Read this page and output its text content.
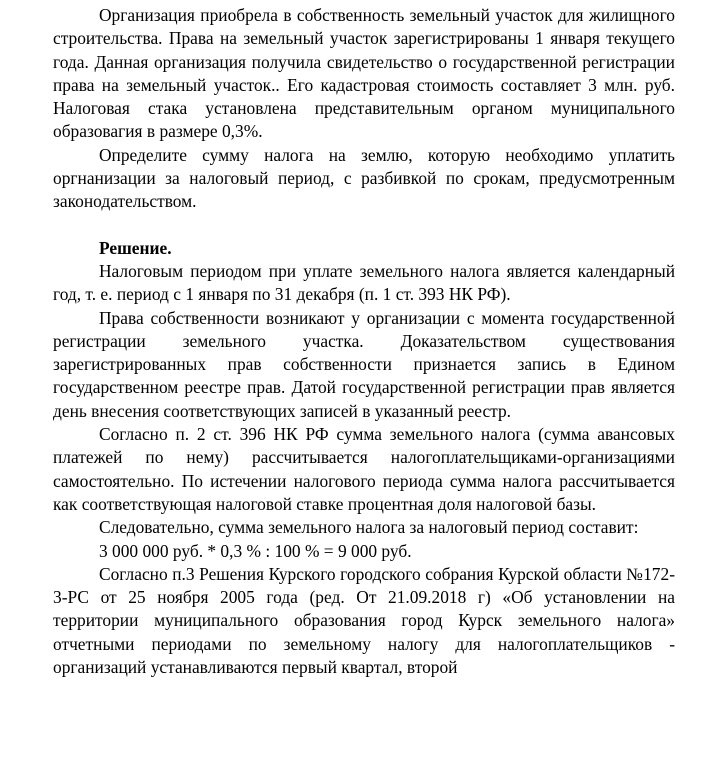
Организация приобрела в собственность земельный участок для жилищного строительства. Права на земельный участок зарегистрированы 1 января текущего года. Данная организация получила свидетельство о государственной регистрации права на земельный участок.. Его кадастровая стоимость составляет 3 млн. руб. Налоговая стака установлена представительным органом муниципального образовагия в размере 0,3%.

Определите сумму налога на землю, которую необходимо уплатить оргнанизации за налоговый период, с разбивкой по срокам, предусмотренным законодательством.

Решение.

Налоговым периодом при уплате земельного налога является календарный год, т. е. период с 1 января по 31 декабря (п. 1 ст. 393 НК РФ).

Права собственности возникают у организации с момента государственной регистрации земельного участка. Доказательством существования зарегистрированных прав собственности признается запись в Едином государственном реестре прав. Датой государственной регистрации прав является день внесения соответствующих записей в указанный реестр.

Согласно п. 2 ст. 396 НК РФ сумма земельного налога (сумма авансовых платежей по нему) рассчитывается налогоплательщиками-организациями самостоятельно. По истечении налогового периода сумма налога рассчитывается как соответствующая налоговой ставке процентная доля налоговой базы.

Следовательно, сумма земельного налога за налоговый период составит:

3 000 000 руб. * 0,3 % : 100 % = 9 000 руб.

Согласно п.3 Решения Курского городского собрания Курской области №172-3-РС от 25 ноября 2005 года (ред. От 21.09.2018 г) «Об установлении на территории муниципального образования город Курск земельного налога» отчетными периодами по земельному налогу для налогоплательщиков - организаций устанавливаются первый квартал, второй
